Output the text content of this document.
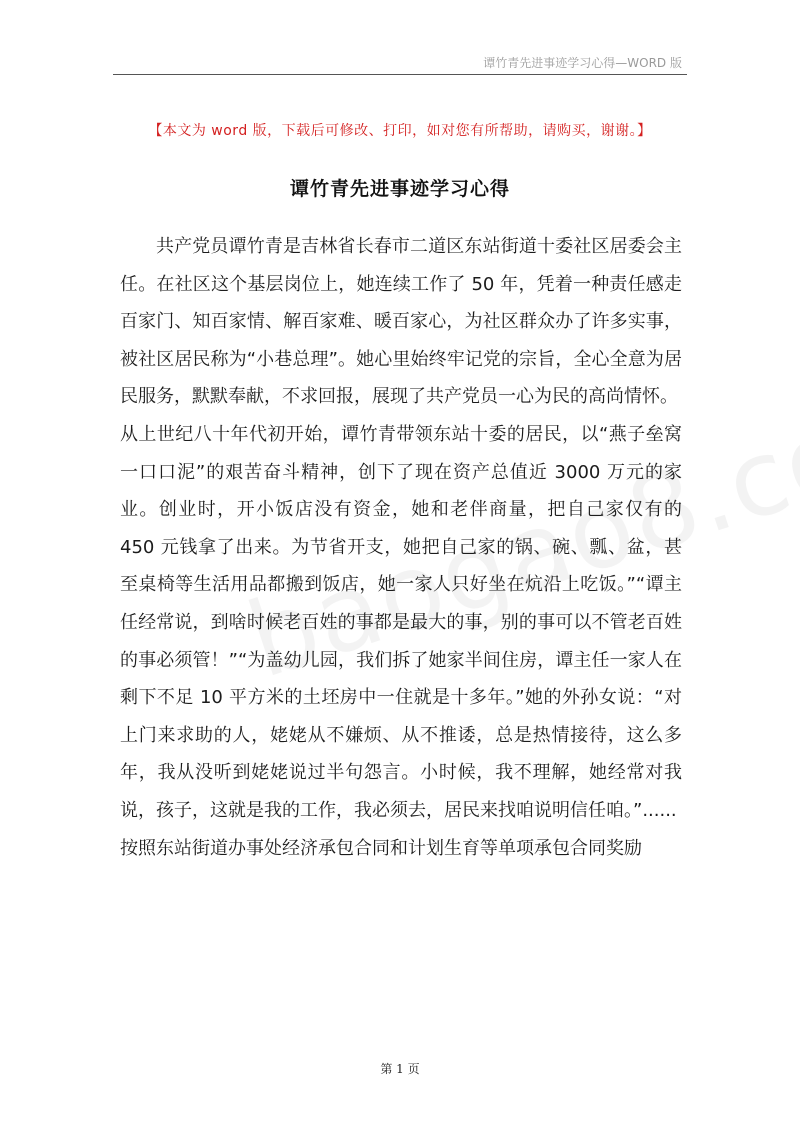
谭竹青先进事迹学习心得—WORD 版
【本文为 word 版，下载后可修改、打印，如对您有所帮助，请购买，谢谢。】
谭竹青先进事迹学习心得

共产党员谭竹青是吉林省长春市二道区东站街道十委社区居委会主任。在社区这个基层岗位上，她连续工作了 50 年，凭着一种责任感走百家门、知百家情、解百家难、暖百家心，为社区群众办了许多实事，被社区居民称为“小巷总理”。她心里始终牢记党的宗旨，全心全意为居民服务，默默奉献，不求回报，展现了共产党员一心为民的高尚情怀。

从上世纪八十年代初开始，谭竹青带领东站十委的居民，以“燕子垒窝一口口泥”的艰苦奋斗精神，创下了现在资产总值近 3000 万元的家业。创业时，开小饭店没有资金，她和老伴商量，把自己家仅有的 450 元钱拿了出来。为节省开支，她把自己家的锅、碗、瓢、盆，甚至桌椅等生活用品都搬到饭店，她一家人只好坐在炕沿上吃饭。”“谭主任经常说，到啥时候老百姓的事都是最大的事，别的事可以不管老百姓的事必须管！”“为盖幼儿园，我们拆了她家半间住房，谭主任一家人在剩下不足 10 平方米的土坯房中一住就是十多年。”她的外孙女说：“对上门来求助的人，姥姥从不嫌烦、从不推诿，总是热情接待，这么多年，我从没听到姥姥说过半句怨言。小时候，我不理解，她经常对我说，孩子，这就是我的工作，我必须去，居民来找咱说明信任咱。”......

按照东站街道办事处经济承包合同和计划生育等单项承包合同奖励

第 1 页
